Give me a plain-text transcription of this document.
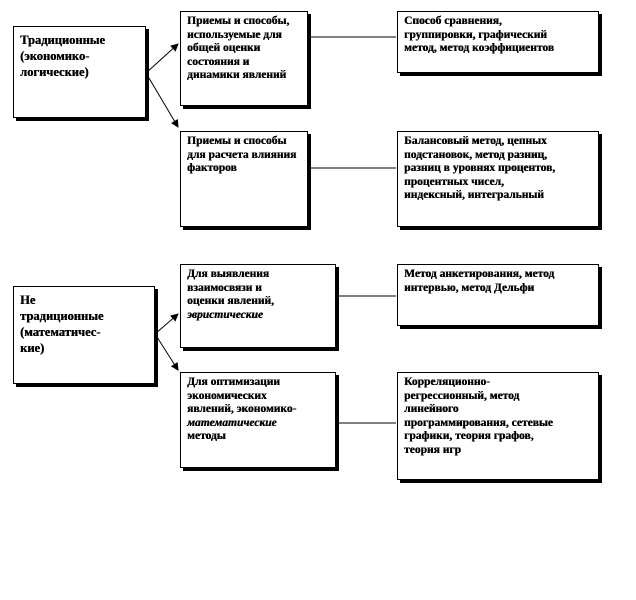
Традиционные
(экономико-
логические)
Приемы и способы,
используемые для
общей оценки
состояния и
динамики явлений
Способ сравнения,
группировки, графический
метод, метод коэффициентов
Приемы и способы
для расчета влияния
факторов
Балансовый метод, цепных
подстановок, метод разниц,
разниц в уровнях процентов,
процентных чисел,
индексный, интегральный
Не
традиционные
(математичес-
кие)
Для выявления
взаимосвязи и
оценки явлений,
эвристические
Метод анкетирования, метод
интервью, метод Дельфи
Для оптимизации
экономических
явлений, экономико-
математические
методы
Корреляционно-
регрессионный, метод
линейного
программирования, сетевые
графики, теория графов,
теория игр
